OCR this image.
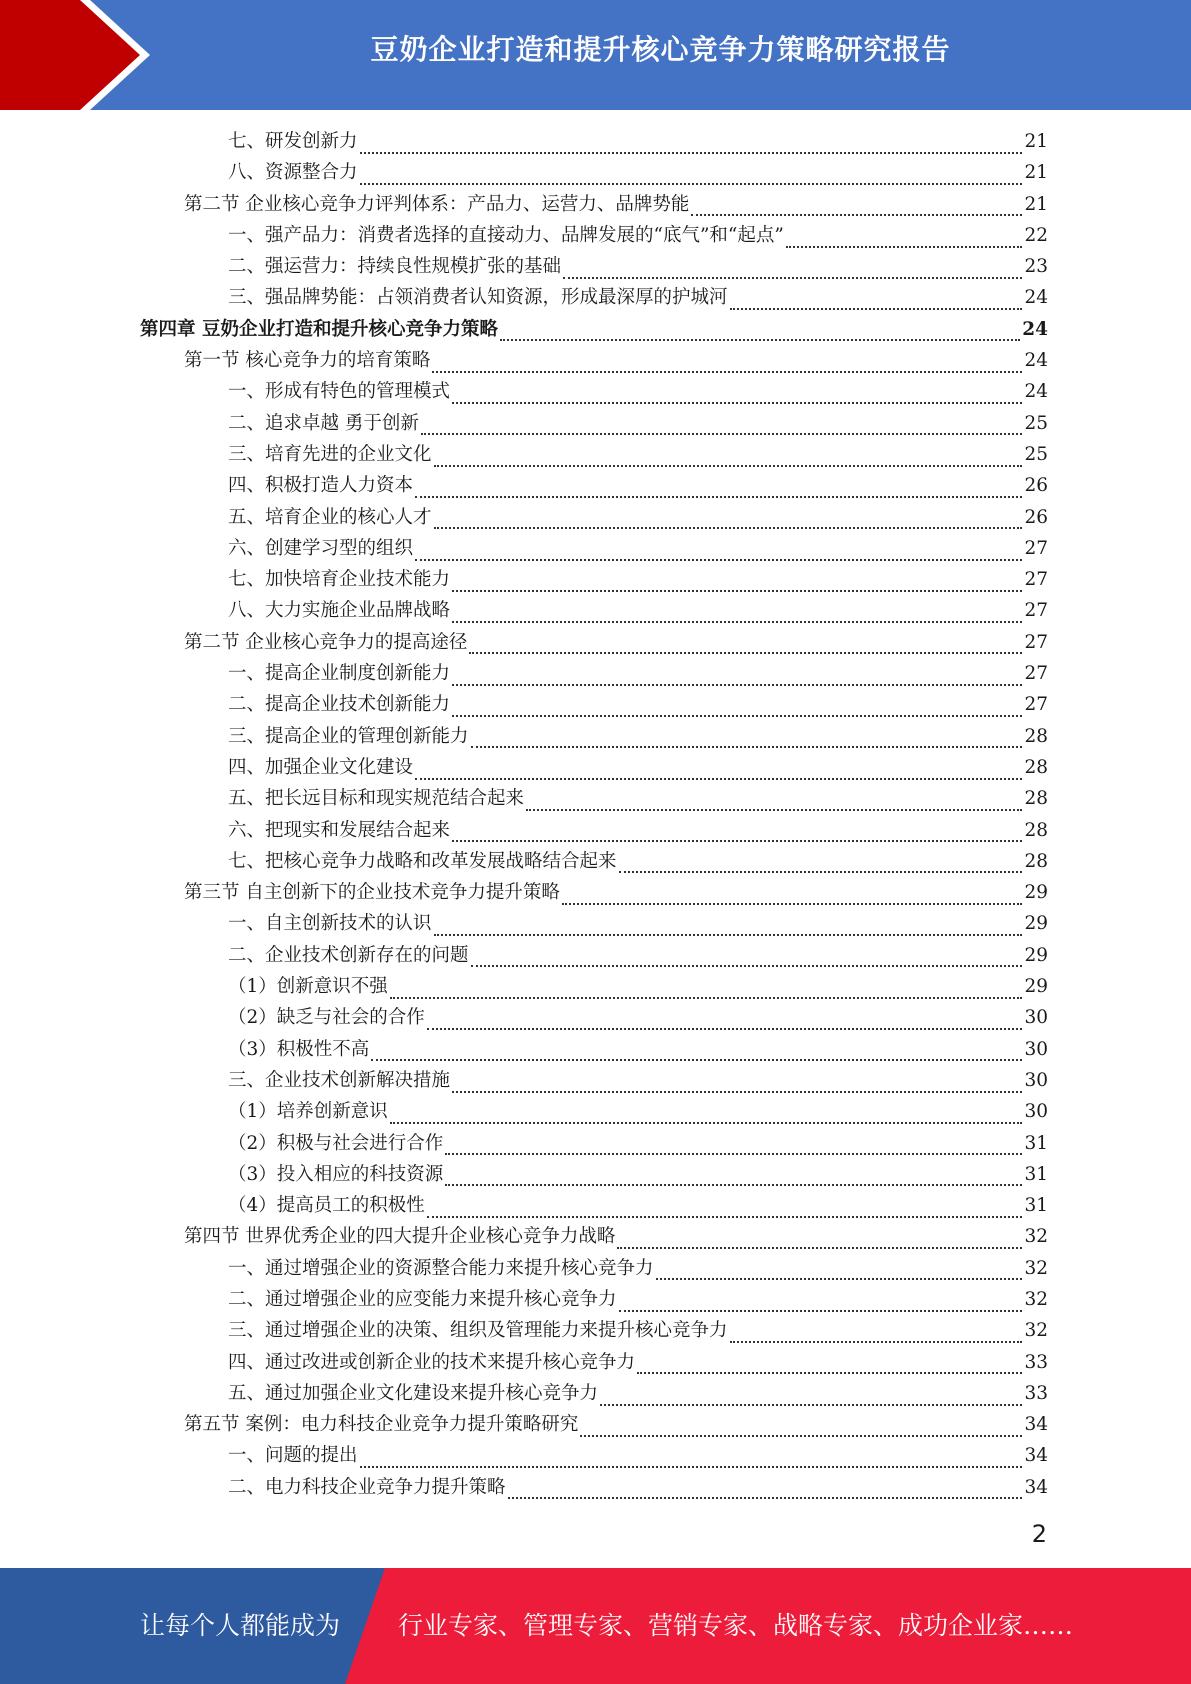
豆奶企业打造和提升核心竞争力策略研究报告
七、研发创新力	21
八、资源整合力	21
第二节 企业核心竞争力评判体系：产品力、运营力、品牌势能	21
一、强产品力：消费者选择的直接动力、品牌发展的“底气”和“起点”	22
二、强运营力：持续良性规模扩张的基础	23
三、强品牌势能：占领消费者认知资源，形成最深厚的护城河	24
第四章 豆奶企业打造和提升核心竞争力策略	24
第一节 核心竞争力的培育策略	24
一、形成有特色的管理模式	24
二、追求卓越 勇于创新	25
三、培育先进的企业文化	25
四、积极打造人力资本	26
五、培育企业的核心人才	26
六、创建学习型的组织	27
七、加快培育企业技术能力	27
八、大力实施企业品牌战略	27
第二节 企业核心竞争力的提高途径	27
一、提高企业制度创新能力	27
二、提高企业技术创新能力	27
三、提高企业的管理创新能力	28
四、加强企业文化建设	28
五、把长远目标和现实规范结合起来	28
六、把现实和发展结合起来	28
七、把核心竞争力战略和改革发展战略结合起来	28
第三节 自主创新下的企业技术竞争力提升策略	29
一、自主创新技术的认识	29
二、企业技术创新存在的问题	29
（1）创新意识不强	29
（2）缺乏与社会的合作	30
（3）积极性不高	30
三、企业技术创新解决措施	30
（1）培养创新意识	30
（2）积极与社会进行合作	31
（3）投入相应的科技资源	31
（4）提高员工的积极性	31
第四节 世界优秀企业的四大提升企业核心竞争力战略	32
一、通过增强企业的资源整合能力来提升核心竞争力	32
二、通过增强企业的应变能力来提升核心竞争力	32
三、通过增强企业的决策、组织及管理能力来提升核心竞争力	32
四、通过改进或创新企业的技术来提升核心竞争力	33
五、通过加强企业文化建设来提升核心竞争力	33
第五节 案例：电力科技企业竞争力提升策略研究	34
一、问题的提出	34
二、电力科技企业竞争力提升策略	34
2
让每个人都能成为 行业专家、管理专家、营销专家、战略专家、成功企业家……
